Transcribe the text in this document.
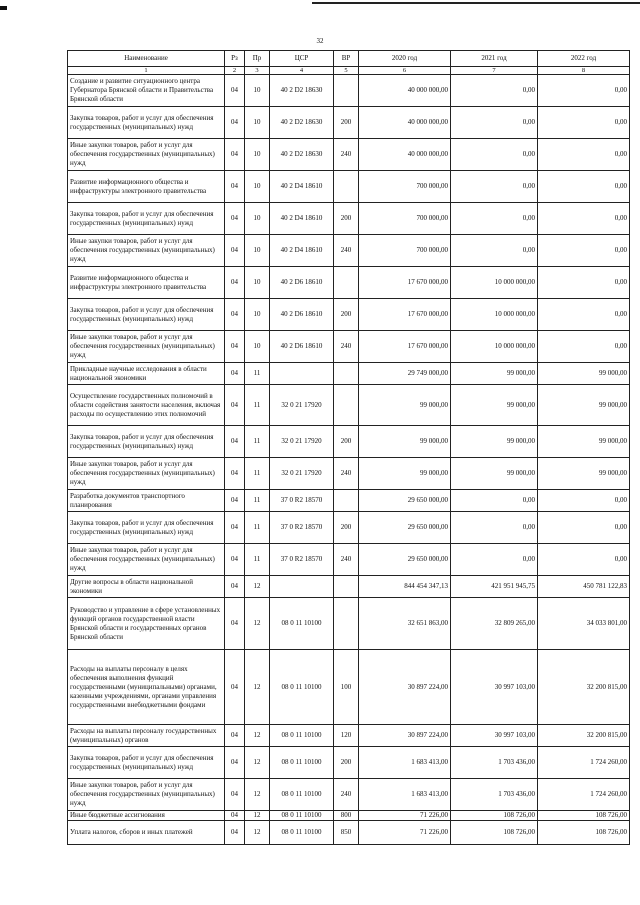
32
Наименование	Рз	Пр	ЦСР	ВР	2020 год	2021 год	2022 год
1	2	3	4	5	6	7	8
Создание и развитие ситуационного центра Губернатора Брянской области и Правительства Брянской области	04	10	40 2 D2 18630		40 000 000,00	0,00	0,00
Закупка товаров, работ и услуг для обеспечения государственных (муниципальных) нужд	04	10	40 2 D2 18630	200	40 000 000,00	0,00	0,00
Иные закупки товаров, работ и услуг для обеспечения государственных (муниципальных) нужд	04	10	40 2 D2 18630	240	40 000 000,00	0,00	0,00
Развитие информационного общества и инфраструктуры электронного правительства	04	10	40 2 D4 18610		700 000,00	0,00	0,00
Закупка товаров, работ и услуг для обеспечения государственных (муниципальных) нужд	04	10	40 2 D4 18610	200	700 000,00	0,00	0,00
Иные закупки товаров, работ и услуг для обеспечения государственных (муниципальных) нужд	04	10	40 2 D4 18610	240	700 000,00	0,00	0,00
Развитие информационного общества и инфраструктуры электронного правительства	04	10	40 2 D6 18610		17 670 000,00	10 000 000,00	0,00
Закупка товаров, работ и услуг для обеспечения государственных (муниципальных) нужд	04	10	40 2 D6 18610	200	17 670 000,00	10 000 000,00	0,00
Иные закупки товаров, работ и услуг для обеспечения государственных (муниципальных) нужд	04	10	40 2 D6 18610	240	17 670 000,00	10 000 000,00	0,00
Прикладные научные исследования в области национальной экономики	04	11			29 749 000,00	99 000,00	99 000,00
Осуществление государственных полномочий в области содействия занятости населения, включая расходы по осуществлению этих полномочий	04	11	32 0 21 17920		99 000,00	99 000,00	99 000,00
Закупка товаров, работ и услуг для обеспечения государственных (муниципальных) нужд	04	11	32 0 21 17920	200	99 000,00	99 000,00	99 000,00
Иные закупки товаров, работ и услуг для обеспечения государственных (муниципальных) нужд	04	11	32 0 21 17920	240	99 000,00	99 000,00	99 000,00
Разработка документов транспортного планирования	04	11	37 0 R2 18570		29 650 000,00	0,00	0,00
Закупка товаров, работ и услуг для обеспечения государственных (муниципальных) нужд	04	11	37 0 R2 18570	200	29 650 000,00	0,00	0,00
Иные закупки товаров, работ и услуг для обеспечения государственных (муниципальных) нужд	04	11	37 0 R2 18570	240	29 650 000,00	0,00	0,00
Другие вопросы в области национальной экономики	04	12			844 454 347,13	421 951 945,75	450 781 122,83
Руководство и управление в сфере установленных функций органов государственной власти Брянской области и государственных органов Брянской области	04	12	08 0 11 10100		32 651 863,00	32 809 265,00	34 033 801,00
Расходы на выплаты персоналу в целях обеспечения выполнения функций государственными (муниципальными) органами, казенными учреждениями, органами управления государственными внебюджетными фондами	04	12	08 0 11 10100	100	30 897 224,00	30 997 103,00	32 200 815,00
Расходы на выплаты персоналу государственных (муниципальных) органов	04	12	08 0 11 10100	120	30 897 224,00	30 997 103,00	32 200 815,00
Закупка товаров, работ и услуг для обеспечения государственных (муниципальных) нужд	04	12	08 0 11 10100	200	1 683 413,00	1 703 436,00	1 724 260,00
Иные закупки товаров, работ и услуг для обеспечения государственных (муниципальных) нужд	04	12	08 0 11 10100	240	1 683 413,00	1 703 436,00	1 724 260,00
Иные бюджетные ассигнования	04	12	08 0 11 10100	800	71 226,00	108 726,00	108 726,00
Уплата налогов, сборов и иных платежей	04	12	08 0 11 10100	850	71 226,00	108 726,00	108 726,00
